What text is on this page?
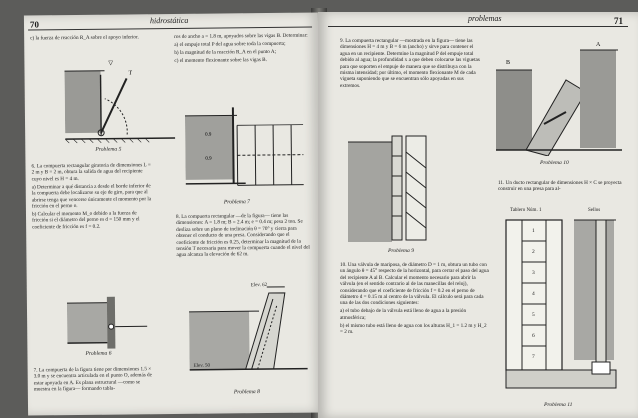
70	hidrostática

c) la fuerza de reacción R_A sobre el apoyo inferior.

T
▽
Problema 5

6. La compuerta rectangular giratoria de dimensiones L = 2 m y B = 2 m, obtura la salida de agua del recipiente cuyo nivel es H = 4 m.

a) Determinar a qué distancia z desde el borde inferior de la compuerta debe localizarse su eje de giro, para que al abrirse tenga que vencerse únicamente el momento por la fricción en el perno o.

b) Calcular el momento M_o debido a la fuerza de fricción si el diámetro del perno es d = 150 mm y el coeficiente de fricción es f = 0.2.

Problema 6

7. La compuerta de la figura tiene por dimensiones 1.5 × 3.0 m y se encuentra articulada en el punto O, además de estar apoyada en A. Es plana estructural —como se muestra en la figura— formando tabla-

ros de ancho a = 1.8 m, apoyados sobre las vigas B. Determinar:

a) el empuje total P del agua sobre toda la compuerta;

b) la magnitud de la reacción R_A en el punto A;

c) el momento flexionante sobre las vigas B.

0.9
0.9
Problema 7

8. La compuerta rectangular —de la figura— tiene las dimensiones: A = 1.8 m; B = 2.4 m; e = 0.4 m; pesa 2 ton. Se desliza sobre un plano de inclinación θ = 70° y cierra para obtener el conducto de una presa. Considerando que el coeficiente de fricción es 0.25, determinar la magnitud de la tensión T necesaria para mover la compuerta cuando el nivel del agua alcanza la elevación de 62 m.

Elev. 62
Elev. 50
Problema 8
problemas	71

9. La compuerta rectangular —mostrada en la figura— tiene las dimensiones H = 4 m y B = 6 m (ancho) y sirve para contener el agua en un recipiente. Determine la magnitud P del empuje total debido al agua; la profundidad x a que deben colocarse las viguetas para que soporten el empuje de manera que se distribuya con la misma intensidad; por último, el momento flexionante M de cada vigueta suponiendo que se encuentran sólo apoyadas en sus extremos.

B
A
Problema 10
Problema 9

10. Una válvula de mariposa, de diámetro D = 1 m, obtura un tubo con un ángulo θ = 45° respecto de la horizontal, para cerrar el paso del agua del recipiente A al B. Calcular el momento necesario para abrir la válvula (en el sentido contrario al de las manecillas del reloj), considerando que el coeficiente de fricción f = 0.2 en el perno de diámetro d = 0.15 m al centro de la válvula. El cálculo será para cada una de las dos condiciones siguientes:

a) el tubo debajo de la válvula está lleno de agua a la presión atmosférica;

b) el mismo tubo está lleno de agua con los alturas H_1 = 1.2 m y H_2 = 2 m.

11. Un ducto rectangular de dimensiones H × C se proyecta construir en una presa para al-

Tablero Núm. 1	Sellos
1
2
3
4
5
6
7
Problema 11
